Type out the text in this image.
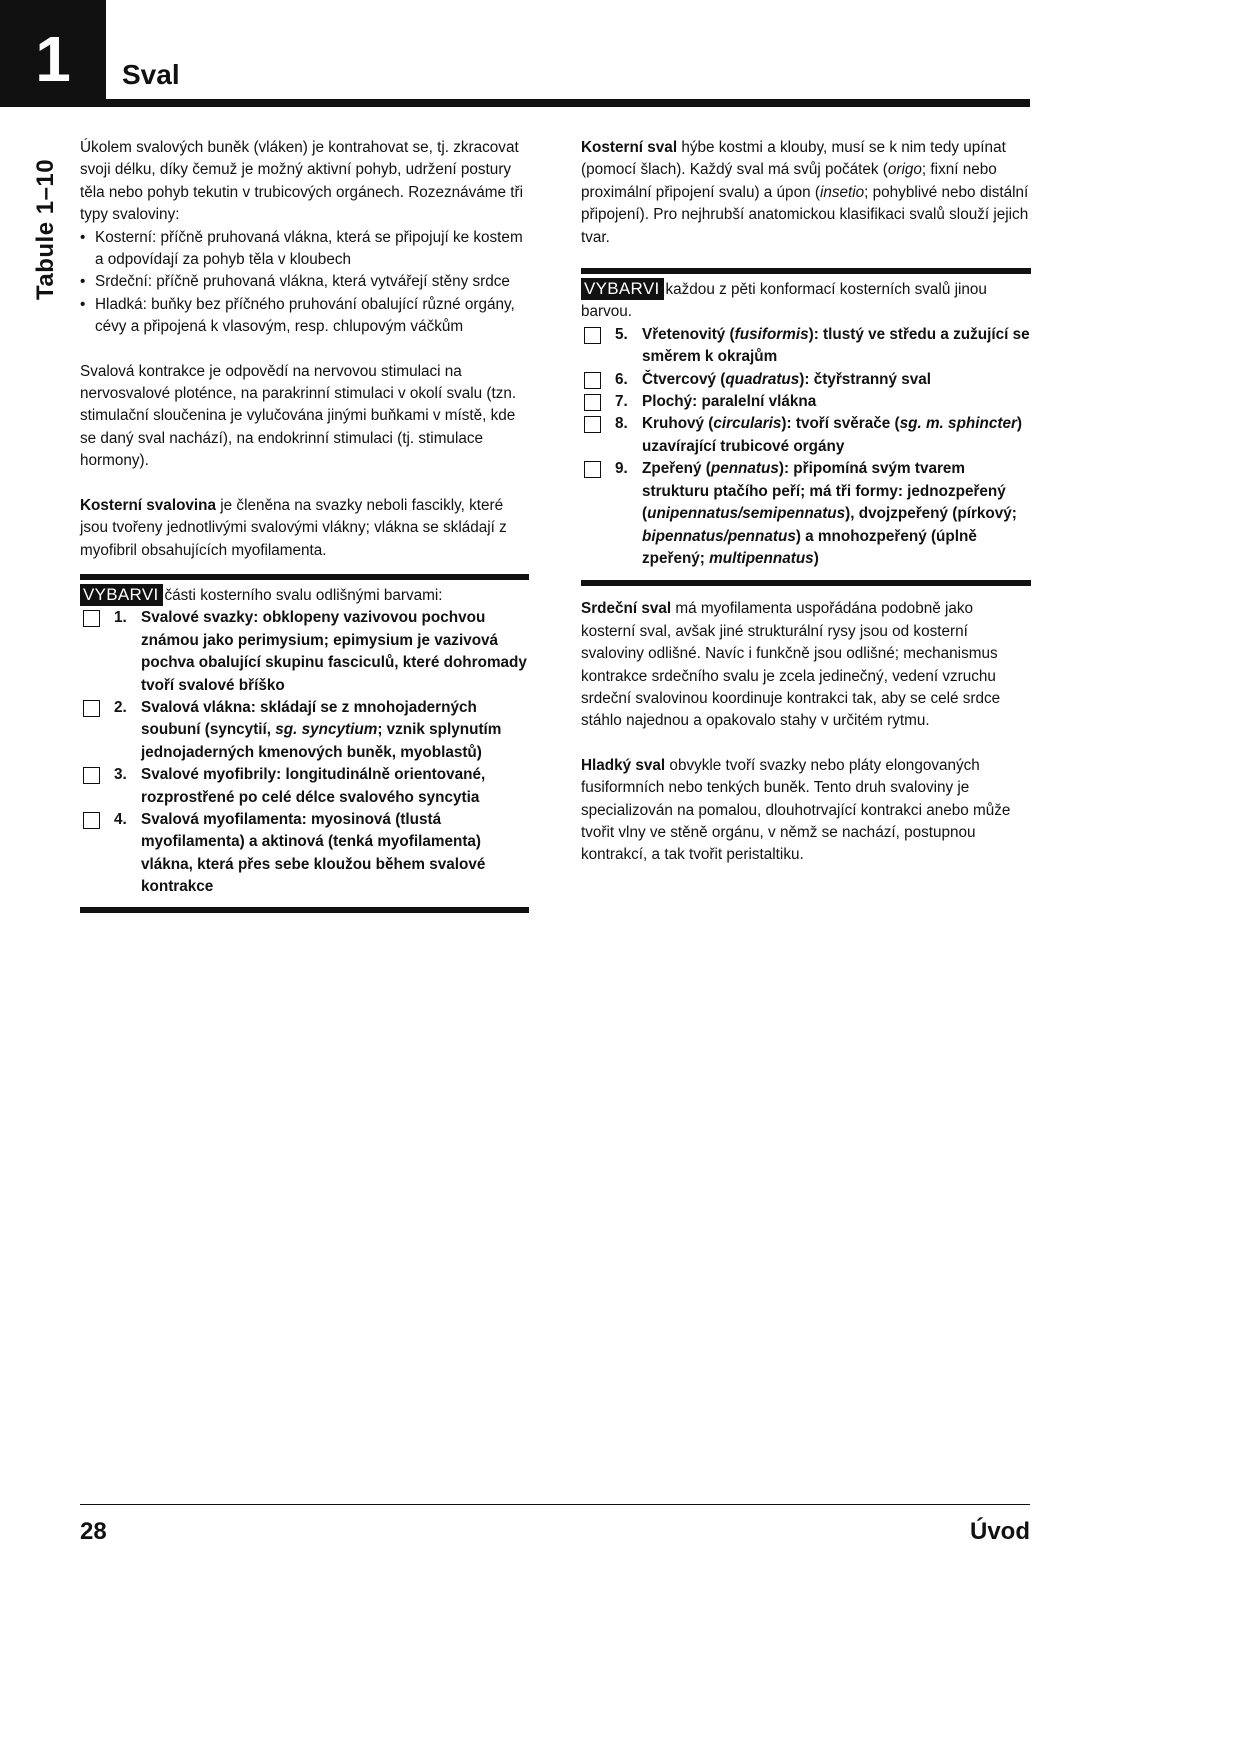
1	Sval
Tabule 1–10

Úkolem svalových buněk (vláken) je kontrahovat se, tj. zkracovat svoji délku, díky čemuž je možný aktivní pohyb, udržení postury těla nebo pohyb tekutin v trubicových orgánech. Rozeznáváme tři typy svaloviny:

• Kosterní: příčně pruhovaná vlákna, která se připojují ke kostem a odpovídají za pohyb těla v kloubech
• Srdeční: příčně pruhovaná vlákna, která vytvářejí stěny srdce
• Hladká: buňky bez příčného pruhování obalující různé orgány, cévy a připojená k vlasovým, resp. chlupovým váčkům

Svalová kontrakce je odpovědí na nervovou stimulaci na nervosvalové ploténce, na parakrinní stimulaci v okolí svalu (tzn. stimulační sloučenina je vylučována jinými buňkami v místě, kde se daný sval nachází), na endokrinní stimulaci (tj. stimulace hormony).

Kosterní svalovina je členěna na svazky neboli fascikly, které jsou tvořeny jednotlivými svalovými vlákny; vlákna se skládají z myofibril obsahujících myofilamenta.

VYBARVI části kosterního svalu odlišnými barvami:

1. Svalové svazky: obklopeny vazivovou pochvou známou jako perimysium; epimysium je vazivová pochva obalující skupinu fasciculů, které dohromady tvoří svalové bříško
2. Svalová vlákna: skládají se z mnohojaderných soubuní (syncytií, sg. syncytium; vznik splynutím jednojaderných kmenových buněk, myoblastů)
3. Svalové myofibrily: longitudinálně orientované, rozprostřené po celé délce svalového syncytia
4. Svalová myofilamenta: myosinová (tlustá myofilamenta) a aktinová (tenká myofilamenta) vlákna, která přes sebe kloužou během svalové kontrakce

Kosterní sval hýbe kostmi a klouby, musí se k nim tedy upínat (pomocí šlach). Každý sval má svůj počátek (origo; fixní nebo proximální připojení svalu) a úpon (insetio; pohyblivé nebo distální připojení). Pro nejhrubší anatomickou klasifikaci svalů slouží jejich tvar.

VYBARVI každou z pěti konformací kosterních svalů jinou barvou.

5. Vřetenovitý (fusiformis): tlustý ve středu a zužující se směrem k okrajům
6. Čtvercový (quadratus): čtyřstranný sval
7. Plochý: paralelní vlákna
8. Kruhový (circularis): tvoří svěrače (sg. m. sphincter) uzavírající trubicové orgány
9. Zpeřený (pennatus): připomíná svým tvarem strukturu ptačího peří; má tři formy: jednozpeřený (unipennatus/semipennatus), dvojzpeřený (pírkový; bipennatus/pennatus) a mnohozpeřený (úplně zpeřený; multipennatus)

Srdeční sval má myofilamenta uspořádána podobně jako kosterní sval, avšak jiné strukturální rysy jsou od kosterní svaloviny odlišné. Navíc i funkčně jsou odlišné; mechanismus kontrakce srdečního svalu je zcela jedinečný, vedení vzruchu srdeční svalovinou koordinuje kontrakci tak, aby se celé srdce stáhlo najednou a opakovalo stahy v určitém rytmu.

Hladký sval obvykle tvoří svazky nebo pláty elongovaných fusiformních nebo tenkých buněk. Tento druh svaloviny je specializován na pomalou, dlouhotrvající kontrakci anebo může tvořit vlny ve stěně orgánu, v němž se nachází, postupnou kontrakcí, a tak tvořit peristaltiku.

28	Úvod
